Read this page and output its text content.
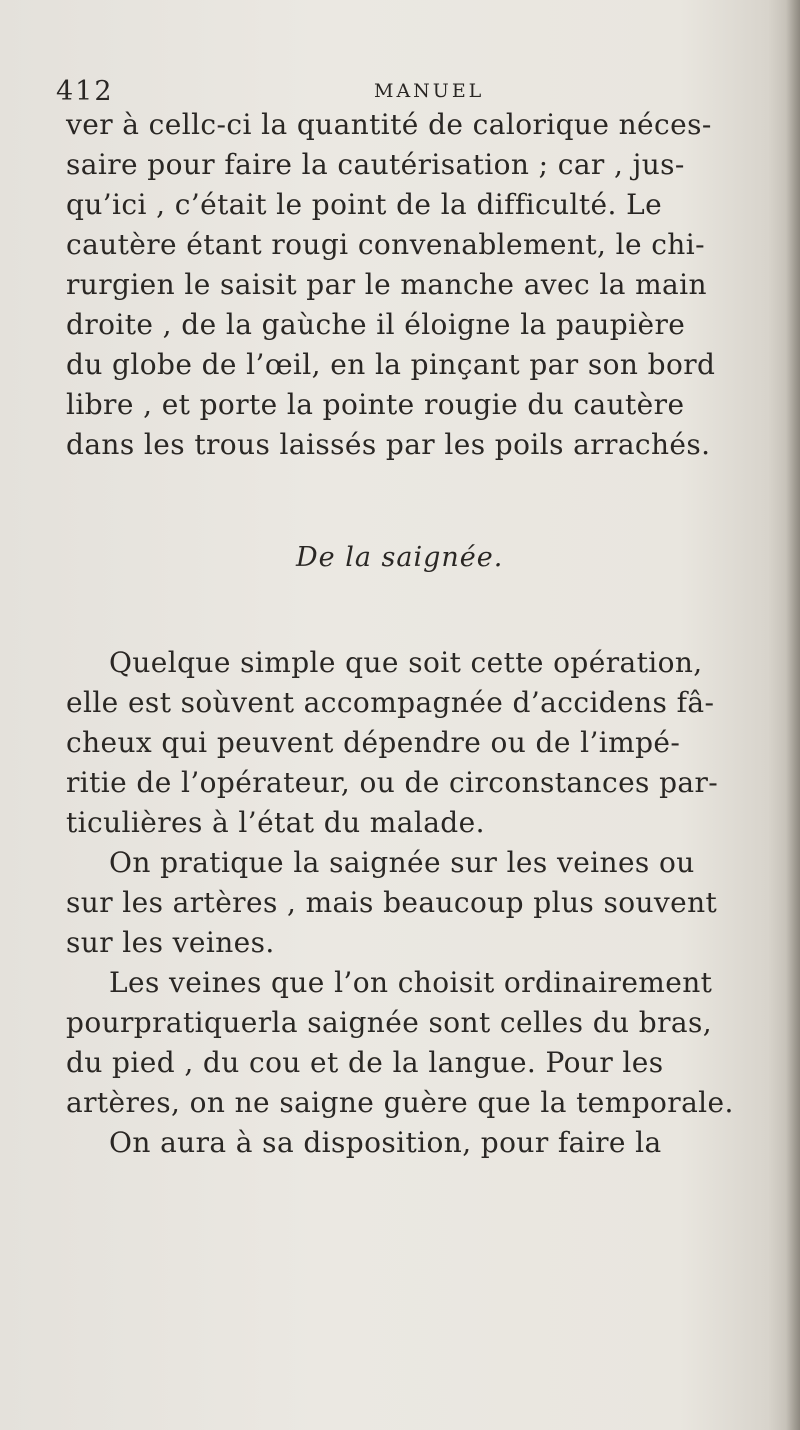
412	MANUEL
ver à cellc-ci la quantité de calorique néces-
saire pour faire la cautérisation ; car , jus-
qu’ici , c’était le point de la difficulté. Le
cautère étant rougi convenablement, le chi-
rurgien le saisit par le manche avec la main
droite , de la gaùche il éloigne la paupière
du globe de l’œil, en la pinçant par son bord
libre , et porte la pointe rougie du cautère
dans les trous laissés par les poils arrachés.
De la saignée.
Quelque simple que soit cette opération,
elle est soùvent accompagnée d’accidens fâ-
cheux qui peuvent dépendre ou de l’impé-
ritie de l’opérateur, ou de circonstances par-
ticulières à l’état du malade.
On pratique la saignée sur les veines ou
sur les artères , mais beaucoup plus souvent
sur les veines.
Les veines que l’on choisit ordinairement
pourpratiquerla saignée sont celles du bras,
du pied , du cou et de la langue. Pour les
artères, on ne saigne guère que la temporale.
On aura à sa disposition, pour faire la
